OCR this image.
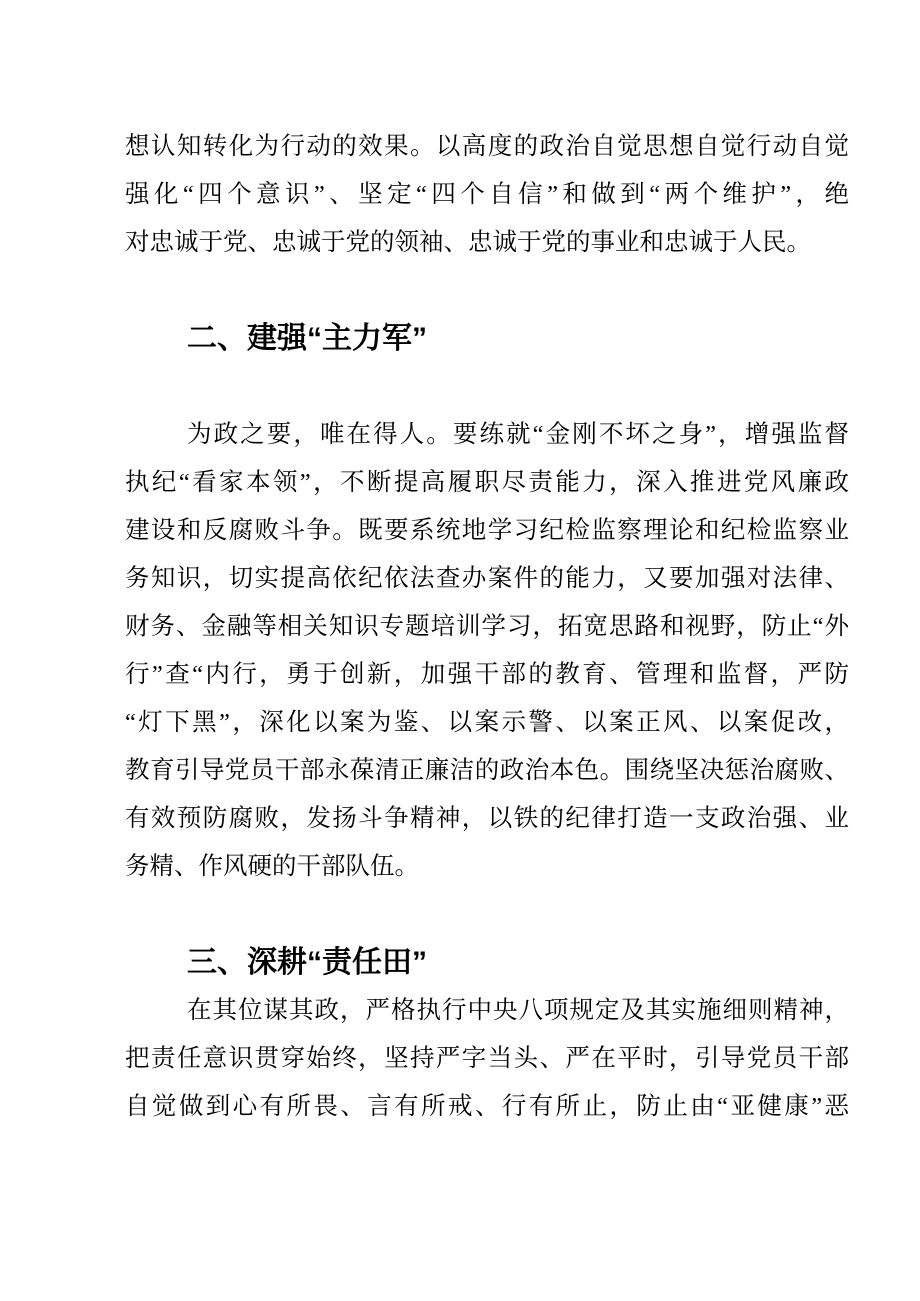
想认知转化为行动的效果。以高度的政治自觉思想自觉行动自觉
强化“四个意识”、坚定“四个自信”和做到“两个维护”，绝
对忠诚于党、忠诚于党的领袖、忠诚于党的事业和忠诚于人民。
二、建强“主力军”
为政之要，唯在得人。要练就“金刚不坏之身”，增强监督
执纪“看家本领”，不断提高履职尽责能力，深入推进党风廉政
建设和反腐败斗争。既要系统地学习纪检监察理论和纪检监察业
务知识，切实提高依纪依法查办案件的能力，又要加强对法律、
财务、金融等相关知识专题培训学习，拓宽思路和视野，防止“外
行”查“内行，勇于创新，加强干部的教育、管理和监督，严防
“灯下黑”，深化以案为鉴、以案示警、以案正风、以案促改，
教育引导党员干部永葆清正廉洁的政治本色。围绕坚决惩治腐败、
有效预防腐败，发扬斗争精神，以铁的纪律打造一支政治强、业
务精、作风硬的干部队伍。
三、深耕“责任田”
在其位谋其政，严格执行中央八项规定及其实施细则精神，
把责任意识贯穿始终，坚持严字当头、严在平时，引导党员干部
自觉做到心有所畏、言有所戒、行有所止，防止由“亚健康”恶
